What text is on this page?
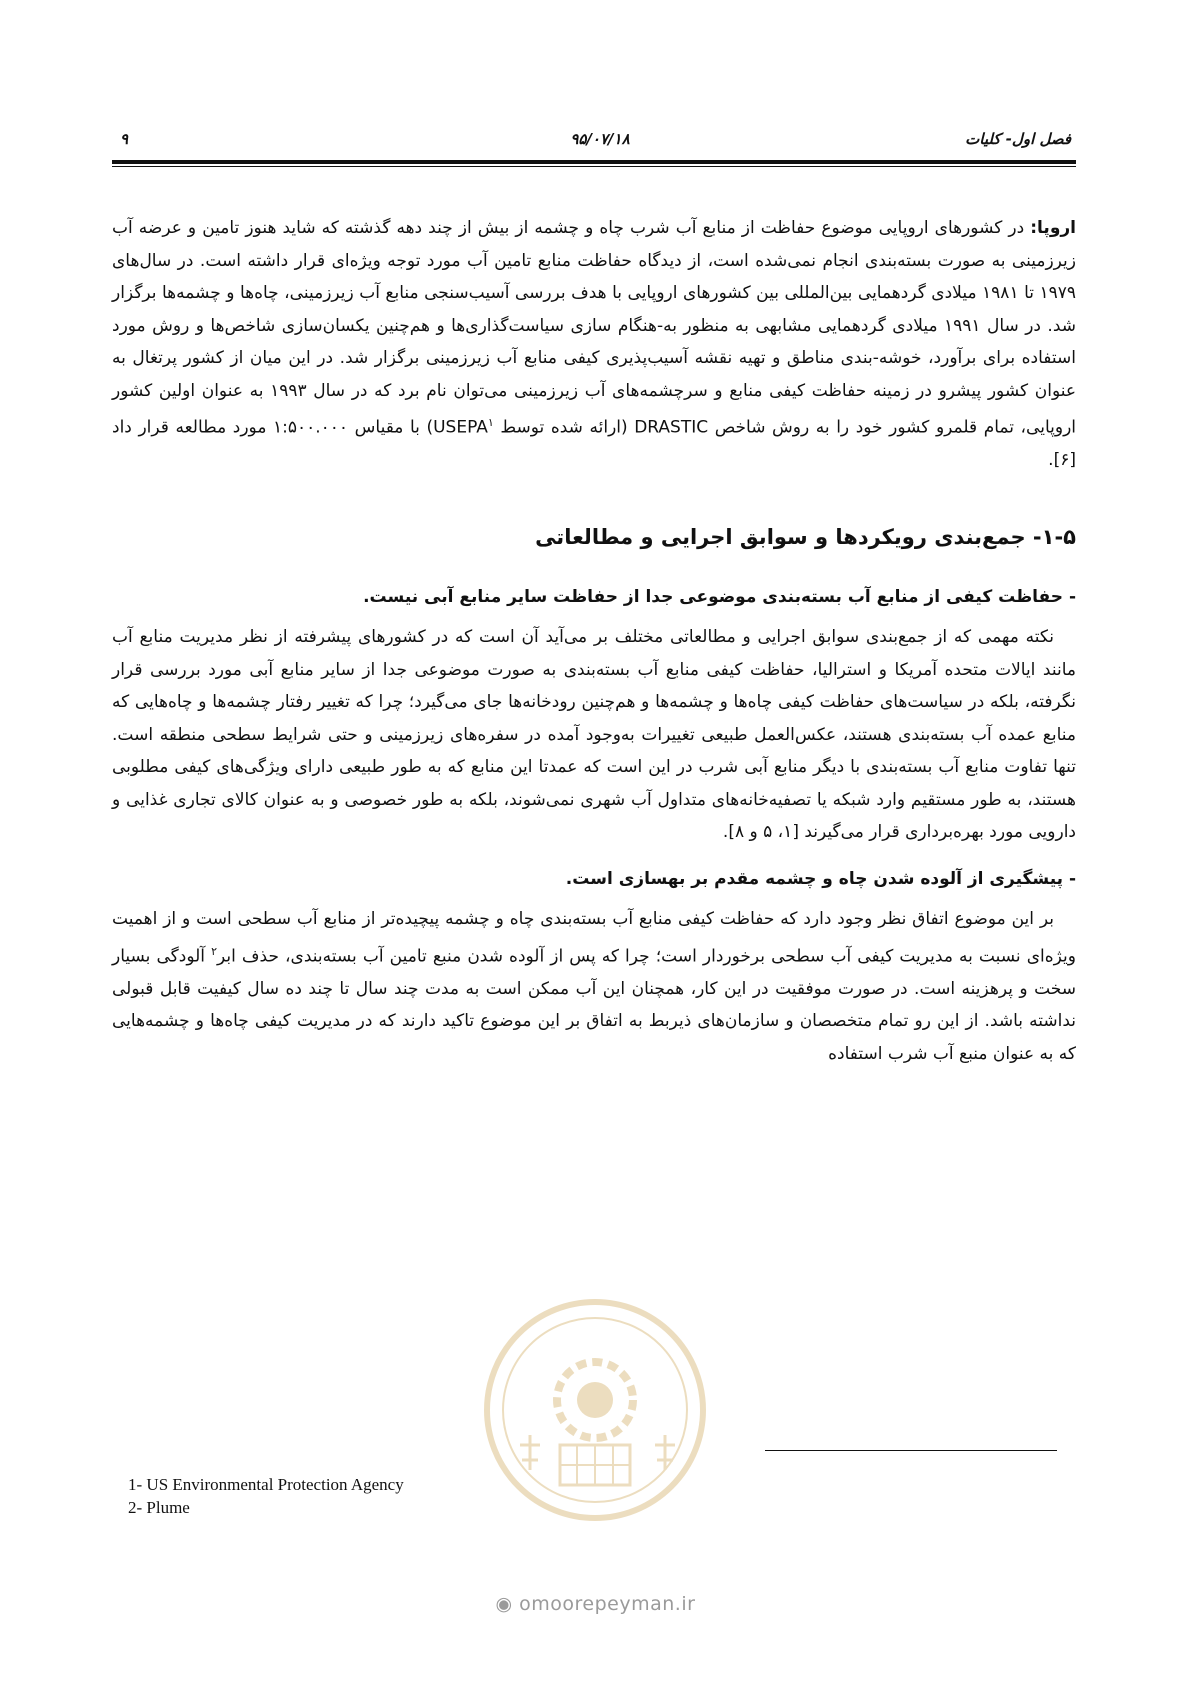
فصل اول- کلیات
۹۵/۰۷/۱۸
۹

اروپا: در کشورهای اروپایی موضوع حفاظت از منابع آب شرب چاه و چشمه از بیش از چند دهه گذشته که شاید هنوز تامین و عرضه آب زیرزمینی به صورت بسته‌بندی انجام نمی‌شده است، از دیدگاه حفاظت منابع تامین آب مورد توجه ویژه‌ای قرار داشته است. در سال‌های ۱۹۷۹ تا ۱۹۸۱ میلادی گردهمایی بین‌المللی بین کشورهای اروپایی با هدف بررسی آسیب‌سنجی منابع آب زیرزمینی، چاه‌ها و چشمه‌ها برگزار شد. در سال ۱۹۹۱ میلادی گردهمایی مشابهی به منظور به-هنگام سازی سیاست‌گذاری‌ها و هم‌چنین یکسان‌سازی شاخص‌ها و روش مورد استفاده برای برآورد، خوشه-بندی مناطق و تهیه نقشه آسیب‌پذیری کیفی منابع آب زیرزمینی برگزار شد. در این میان از کشور پرتغال به عنوان کشور پیشرو در زمینه حفاظت کیفی منابع و سرچشمه‌های آب زیرزمینی می‌توان نام برد که در سال ۱۹۹۳ به عنوان اولین کشور اروپایی، تمام قلمرو کشور خود را به روش شاخص DRASTIC (ارائه شده توسط USEPA$^۱$) با مقیاس ۱:۵۰۰.۰۰۰ مورد مطالعه قرار داد [۶].

۱-۵- جمع‌بندی رویکردها و سوابق اجرایی و مطالعاتی

- حفاظت کیفی از منابع آب بسته‌بندی موضوعی جدا از حفاظت سایر منابع آبی نیست.

نکته مهمی که از جمع‌بندی سوابق اجرایی و مطالعاتی مختلف بر می‌آید آن است که در کشورهای پیشرفته از نظر مدیریت منابع آب مانند ایالات متحده آمریکا و استرالیا، حفاظت کیفی منابع آب بسته‌بندی به صورت موضوعی جدا از سایر منابع آبی مورد بررسی قرار نگرفته، بلکه در سیاست‌های حفاظت کیفی چاه‌ها و چشمه‌ها و هم‌چنین رودخانه‌ها جای می‌گیرد؛ چرا که تغییر رفتار چشمه‌ها و چاه‌هایی که منابع عمده آب بسته‌بندی هستند، عکس‌العمل طبیعی تغییرات به‌وجود آمده در سفره‌های زیرزمینی و حتی شرایط سطحی منطقه است. تنها تفاوت منابع آب بسته‌بندی با دیگر منابع آبی شرب در این است که عمدتا این منابع که به طور طبیعی دارای ویژگی‌های کیفی مطلوبی هستند، به طور مستقیم وارد شبکه یا تصفیه‌خانه‌های متداول آب شهری نمی‌شوند، بلکه به طور خصوصی و به عنوان کالای تجاری غذایی و دارویی مورد بهره‌برداری قرار می‌گیرند [۱، ۵ و ۸].

- پیشگیری از آلوده شدن چاه و چشمه مقدم بر بهسازی است.

بر این موضوع اتفاق نظر وجود دارد که حفاظت کیفی منابع آب بسته‌بندی چاه و چشمه پیچیده‌تر از منابع آب سطحی است و از اهمیت ویژه‌ای نسبت به مدیریت کیفی آب سطحی برخوردار است؛ چرا که پس از آلوده شدن منبع تامین آب بسته‌بندی، حذف ابر$^۲$ آلودگی بسیار سخت و پرهزینه است. در صورت موفقیت در این کار، همچنان این آب ممکن است به مدت چند سال تا چند ده سال کیفیت قابل قبولی نداشته باشد. از این رو تمام متخصصان و سازمان‌های ذیربط به اتفاق بر این موضوع تاکید دارند که در مدیریت کیفی چاه‌ها و چشمه‌هایی که به عنوان منبع آب شرب استفاده

1- US Environmental Protection Agency
2- Plume
◉ omoorepeyman.ir
